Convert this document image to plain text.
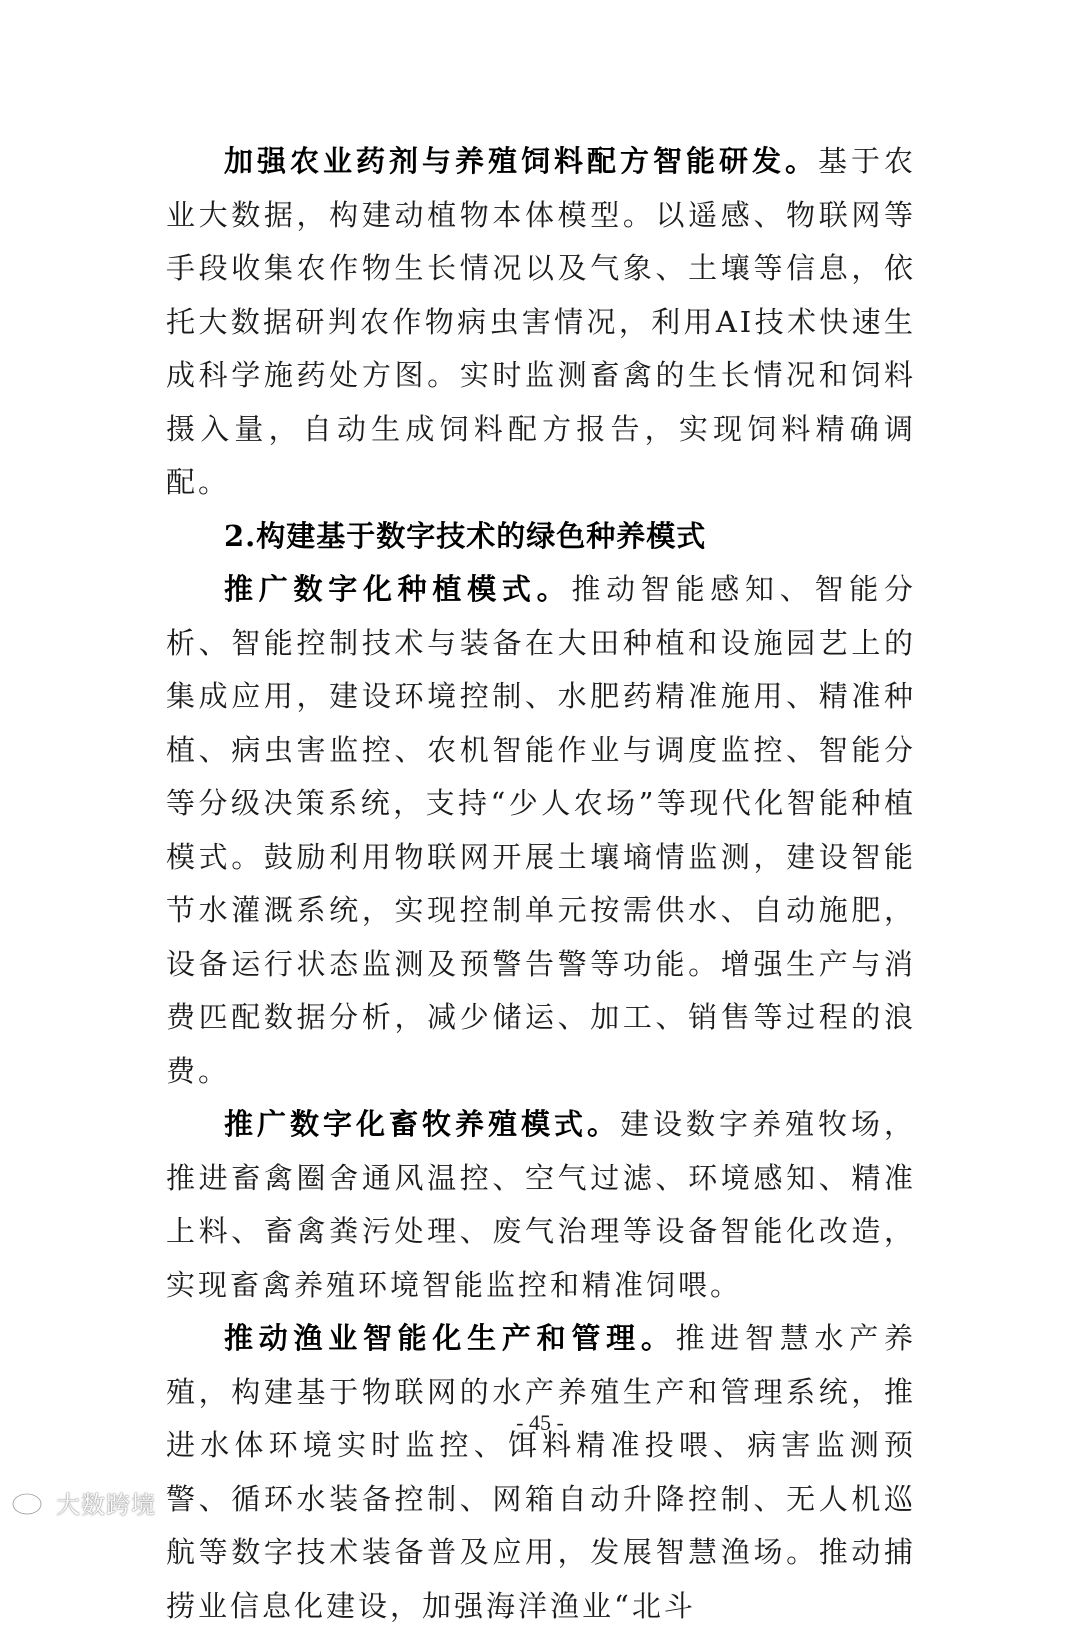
加强农业药剂与养殖饲料配方智能研发。基于农业大数据，构建动植物本体模型。以遥感、物联网等手段收集农作物生长情况以及气象、土壤等信息，依托大数据研判农作物病虫害情况，利用AI技术快速生成科学施药处方图。实时监测畜禽的生长情况和饲料摄入量，自动生成饲料配方报告，实现饲料精确调配。

2.构建基于数字技术的绿色种养模式

推广数字化种植模式。推动智能感知、智能分析、智能控制技术与装备在大田种植和设施园艺上的集成应用，建设环境控制、水肥药精准施用、精准种植、病虫害监控、农机智能作业与调度监控、智能分等分级决策系统，支持“少人农场”等现代化智能种植模式。鼓励利用物联网开展土壤墒情监测，建设智能节水灌溉系统，实现控制单元按需供水、自动施肥，设备运行状态监测及预警告警等功能。增强生产与消费匹配数据分析，减少储运、加工、销售等过程的浪费。

推广数字化畜牧养殖模式。建设数字养殖牧场，推进畜禽圈舍通风温控、空气过滤、环境感知、精准上料、畜禽粪污处理、废气治理等设备智能化改造，实现畜禽养殖环境智能监控和精准饲喂。

推动渔业智能化生产和管理。推进智慧水产养殖，构建基于物联网的水产养殖生产和管理系统，推进水体环境实时监控、饵料精准投喂、病害监测预警、循环水装备控制、网箱自动升降控制、无人机巡航等数字技术装备普及应用，发展智慧渔场。推动捕捞业信息化建设，加强海洋渔业“北斗

- 45 -
大数跨境
